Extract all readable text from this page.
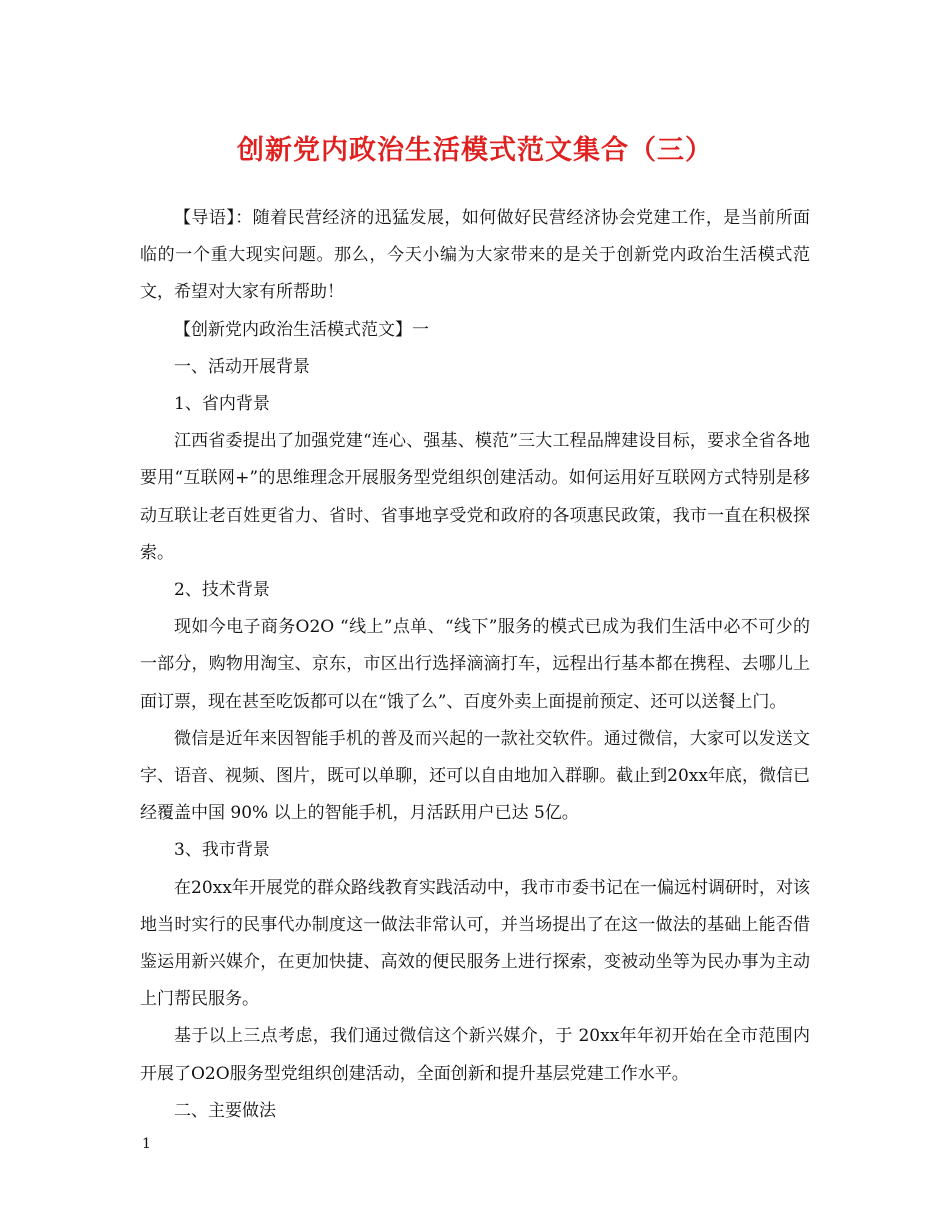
创新党内政治生活模式范文集合（三）

【导语】：随着民营经济的迅猛发展，如何做好民营经济协会党建工作，是当前所面临的一个重大现实问题。那么，今天小编为大家带来的是关于创新党内政治生活模式范文，希望对大家有所帮助！

【创新党内政治生活模式范文】一

一、活动开展背景

1、省内背景

江西省委提出了加强党建“连心、强基、模范”三大工程品牌建设目标，要求全省各地要用“互联网+”的思维理念开展服务型党组织创建活动。如何运用好互联网方式特别是移动互联让老百姓更省力、省时、省事地享受党和政府的各项惠民政策，我市一直在积极探索。

2、技术背景

现如今电子商务O2O “线上”点单、“线下”服务的模式已成为我们生活中必不可少的一部分，购物用淘宝、京东，市区出行选择滴滴打车，远程出行基本都在携程、去哪儿上面订票，现在甚至吃饭都可以在“饿了么”、百度外卖上面提前预定、还可以送餐上门。

微信是近年来因智能手机的普及而兴起的一款社交软件。通过微信，大家可以发送文字、语音、视频、图片，既可以单聊，还可以自由地加入群聊。截止到20xx年底，微信已经覆盖中国 90% 以上的智能手机，月活跃用户已达 5亿。

3、我市背景

在20xx年开展党的群众路线教育实践活动中，我市市委书记在一偏远村调研时，对该地当时实行的民事代办制度这一做法非常认可，并当场提出了在这一做法的基础上能否借鉴运用新兴媒介，在更加快捷、高效的便民服务上进行探索，变被动坐等为民办事为主动上门帮民服务。

基于以上三点考虑，我们通过微信这个新兴媒介，于 20xx年年初开始在全市范围内开展了O2O服务型党组织创建活动，全面创新和提升基层党建工作水平。

二、主要做法

1
